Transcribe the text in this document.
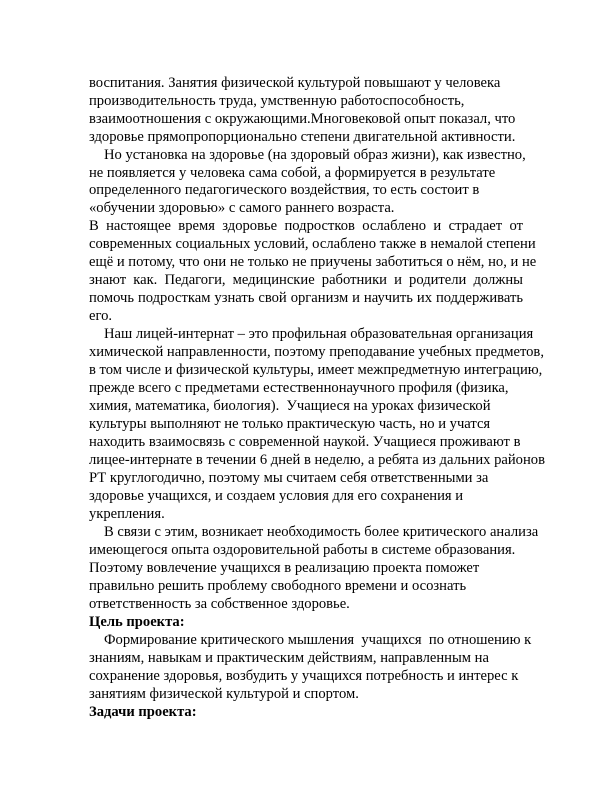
воспитания. Занятия физической культурой повышают у человека
производительность труда, умственную работоспособность,
взаимоотношения с окружающими.Многовековой опыт показал, что
здоровье прямопропорционально степени двигательной активности.
Но установка на здоровье (на здоровый образ жизни), как известно,
не появляется у человека сама собой, а формируется в результате
определенного педагогического воздействия, то есть состоит в
«обучении здоровью» с самого раннего возраста.
В настоящее время здоровье подростков ослаблено и страдает от
современных социальных условий, ослаблено также в немалой степени
ещё и потому, что они не только не приучены заботиться о нём, но, и не
знают как. Педагоги, медицинские работники и родители должны
помочь подросткам узнать свой организм и научить их поддерживать
его.
Наш лицей-интернат – это профильная образовательная организация
химической направленности, поэтому преподавание учебных предметов,
в том числе и физической культуры, имеет межпредметную интеграцию,
прежде всего с предметами естественнонаучного профиля (физика,
химия, математика, биология).  Учащиеся на уроках физической
культуры выполняют не только практическую часть, но и учатся
находить взаимосвязь с современной наукой. Учащиеся проживают в
лицее-интернате в течении 6 дней в неделю, а ребята из дальних районов
РТ круглогодично, поэтому мы считаем себя ответственными за
здоровье учащихся, и создаем условия для его сохранения и
укрепления.
В связи с этим, возникает необходимость более критического анализа
имеющегося опыта оздоровительной работы в системе образования.
Поэтому вовлечение учащихся в реализацию проекта поможет
правильно решить проблему свободного времени и осознать
ответственность за собственное здоровье.
Цель проекта:
Формирование критического мышления  учащихся  по отношению к
знаниям, навыкам и практическим действиям, направленным на
сохранение здоровья, возбудить у учащихся потребность и интерес к
занятиям физической культурой и спортом.
Задачи проекта:
